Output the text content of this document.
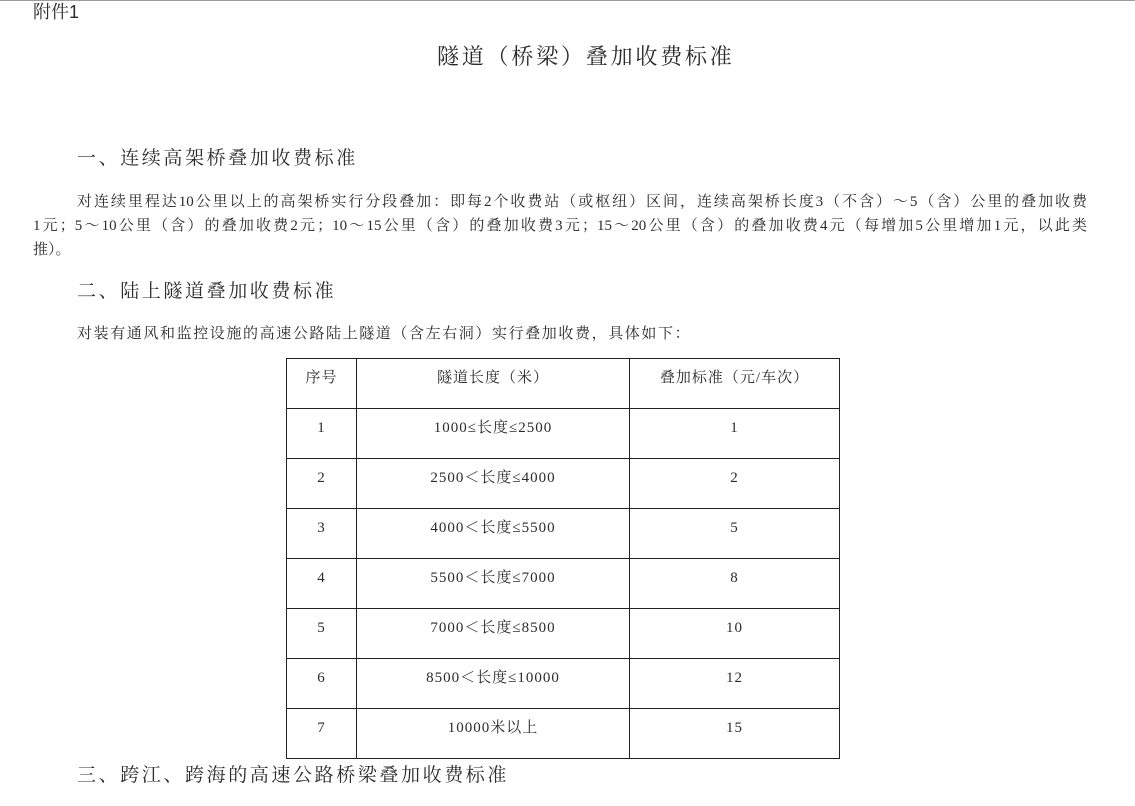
附件1
隧道（桥梁）叠加收费标准
一、连续高架桥叠加收费标准
对连续里程达10公里以上的高架桥实行分段叠加：即每2个收费站（或枢纽）区间，连续高架桥长度3（不含）～5（含）公里的叠加收费
1元；5～10公里（含）的叠加收费2元；10～15公里（含）的叠加收费3元；15～20公里（含）的叠加收费4元（每增加5公里增加1元，以此类
推）。
二、陆上隧道叠加收费标准
对装有通风和监控设施的高速公路陆上隧道（含左右洞）实行叠加收费，具体如下：
序号	隧道长度（米）	叠加标准（元/车次）
1	1000≤长度≤2500	1
2	2500＜长度≤4000	2
3	4000＜长度≤5500	5
4	5500＜长度≤7000	8
5	7000＜长度≤8500	10
6	8500＜长度≤10000	12
7	10000米以上	15
三、跨江、跨海的高速公路桥梁叠加收费标准
